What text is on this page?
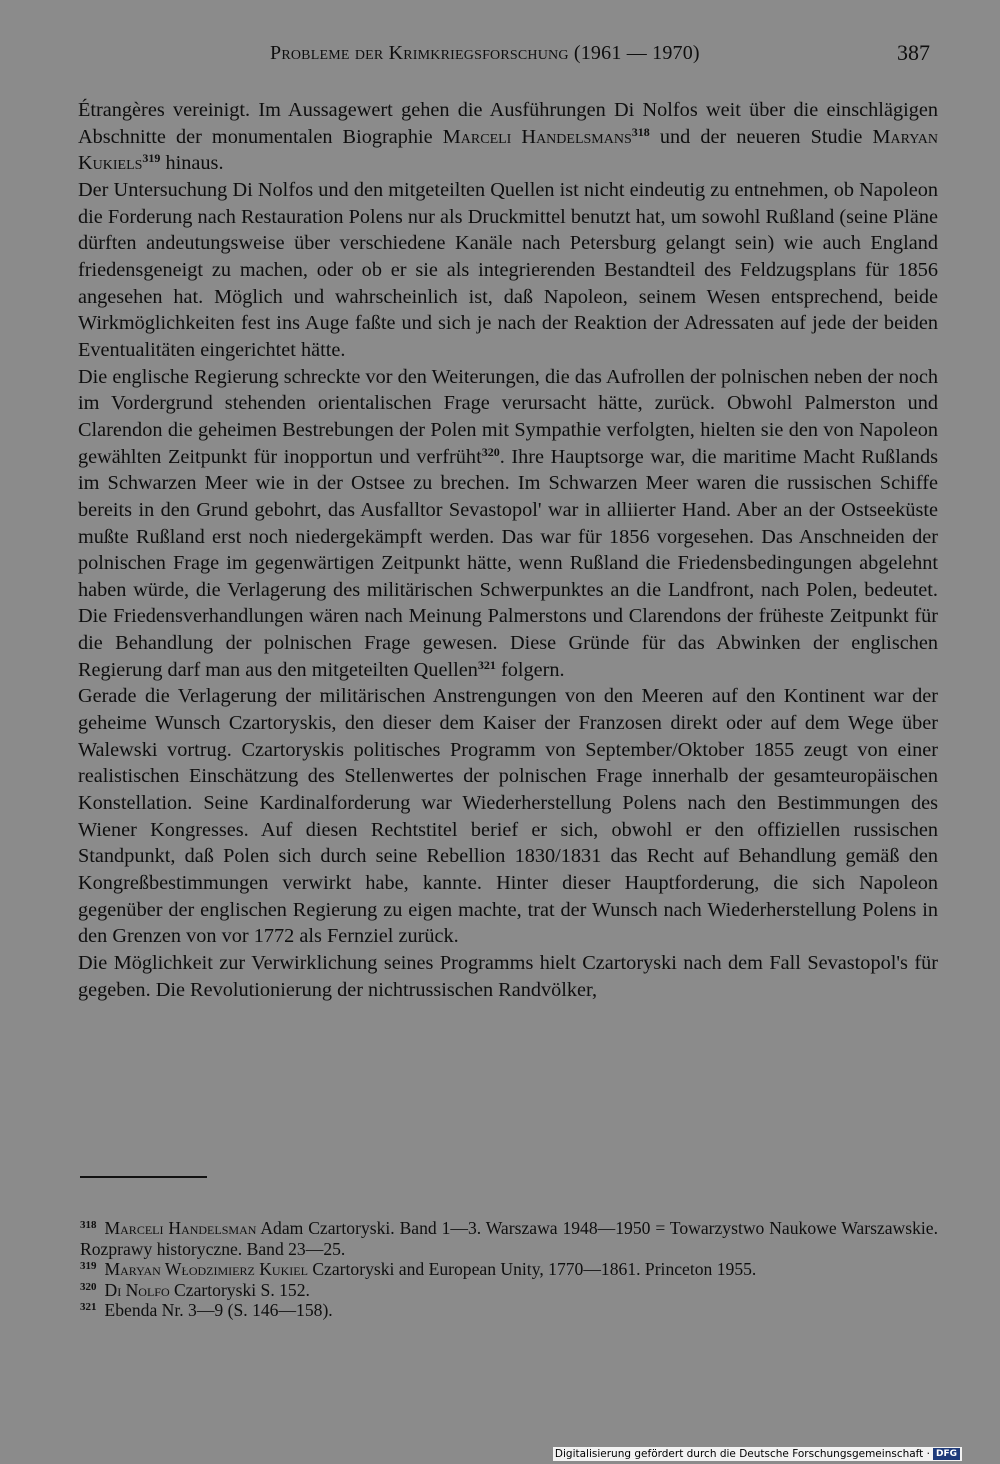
Probleme der Krimkriegsforschung (1961 — 1970)	387

Étrangères vereinigt. Im Aussagewert gehen die Ausführungen Di Nolfos weit über die einschlägigen Abschnitte der monumentalen Biographie Marceli Handelsmans$^{318}$ und der neueren Studie Maryan Kukiels$^{319}$ hinaus.

Der Untersuchung Di Nolfos und den mitgeteilten Quellen ist nicht eindeutig zu entnehmen, ob Napoleon die Forderung nach Restauration Polens nur als Druckmittel benutzt hat, um sowohl Rußland (seine Pläne dürften andeutungsweise über verschiedene Kanäle nach Petersburg gelangt sein) wie auch England friedensgeneigt zu machen, oder ob er sie als integrierenden Bestandteil des Feldzugsplans für 1856 angesehen hat. Möglich und wahrscheinlich ist, daß Napoleon, seinem Wesen entsprechend, beide Wirkmöglichkeiten fest ins Auge faßte und sich je nach der Reaktion der Adressaten auf jede der beiden Eventualitäten eingerichtet hätte.

Die englische Regierung schreckte vor den Weiterungen, die das Aufrollen der polnischen neben der noch im Vordergrund stehenden orientalischen Frage verursacht hätte, zurück. Obwohl Palmerston und Clarendon die geheimen Bestrebungen der Polen mit Sympathie verfolgten, hielten sie den von Napoleon gewählten Zeitpunkt für inopportun und verfrüht$^{320}$. Ihre Hauptsorge war, die maritime Macht Rußlands im Schwarzen Meer wie in der Ostsee zu brechen. Im Schwarzen Meer waren die russischen Schiffe bereits in den Grund gebohrt, das Ausfalltor Sevastopol' war in alliierter Hand. Aber an der Ostseeküste mußte Rußland erst noch niedergekämpft werden. Das war für 1856 vorgesehen. Das Anschneiden der polnischen Frage im gegenwärtigen Zeitpunkt hätte, wenn Rußland die Friedensbedingungen abgelehnt haben würde, die Verlagerung des militärischen Schwerpunktes an die Landfront, nach Polen, bedeutet. Die Friedensverhandlungen wären nach Meinung Palmerstons und Clarendons der früheste Zeitpunkt für die Behandlung der polnischen Frage gewesen. Diese Gründe für das Abwinken der englischen Regierung darf man aus den mitgeteilten Quellen$^{321}$ folgern.

Gerade die Verlagerung der militärischen Anstrengungen von den Meeren auf den Kontinent war der geheime Wunsch Czartoryskis, den dieser dem Kaiser der Franzosen direkt oder auf dem Wege über Walewski vortrug. Czartoryskis politisches Programm von September/Oktober 1855 zeugt von einer realistischen Einschätzung des Stellenwertes der polnischen Frage innerhalb der gesamteuropäischen Konstellation. Seine Kardinalforderung war Wiederherstellung Polens nach den Bestimmungen des Wiener Kongresses. Auf diesen Rechtstitel berief er sich, obwohl er den offiziellen russischen Standpunkt, daß Polen sich durch seine Rebellion 1830/1831 das Recht auf Behandlung gemäß den Kongreßbestimmungen verwirkt habe, kannte. Hinter dieser Hauptforderung, die sich Napoleon gegenüber der englischen Regierung zu eigen machte, trat der Wunsch nach Wiederherstellung Polens in den Grenzen von vor 1772 als Fernziel zurück.

Die Möglichkeit zur Verwirklichung seines Programms hielt Czartoryski nach dem Fall Sevastopol's für gegeben. Die Revolutionierung der nichtrussischen Randvölker,

$^{318}$ Marceli Handelsman Adam Czartoryski. Band 1—3. Warszawa 1948—1950 = Towarzystwo Naukowe Warszawskie. Rozprawy historyczne. Band 23—25.

$^{319}$ Maryan Włodzimierz Kukiel Czartoryski and European Unity, 1770—1861. Princeton 1955.

$^{320}$ Di Nolfo Czartoryski S. 152.

$^{321}$ Ebenda Nr. 3—9 (S. 146—158).

Digitalisierung gefördert durch die Deutsche Forschungsgemeinschaft · DFG
